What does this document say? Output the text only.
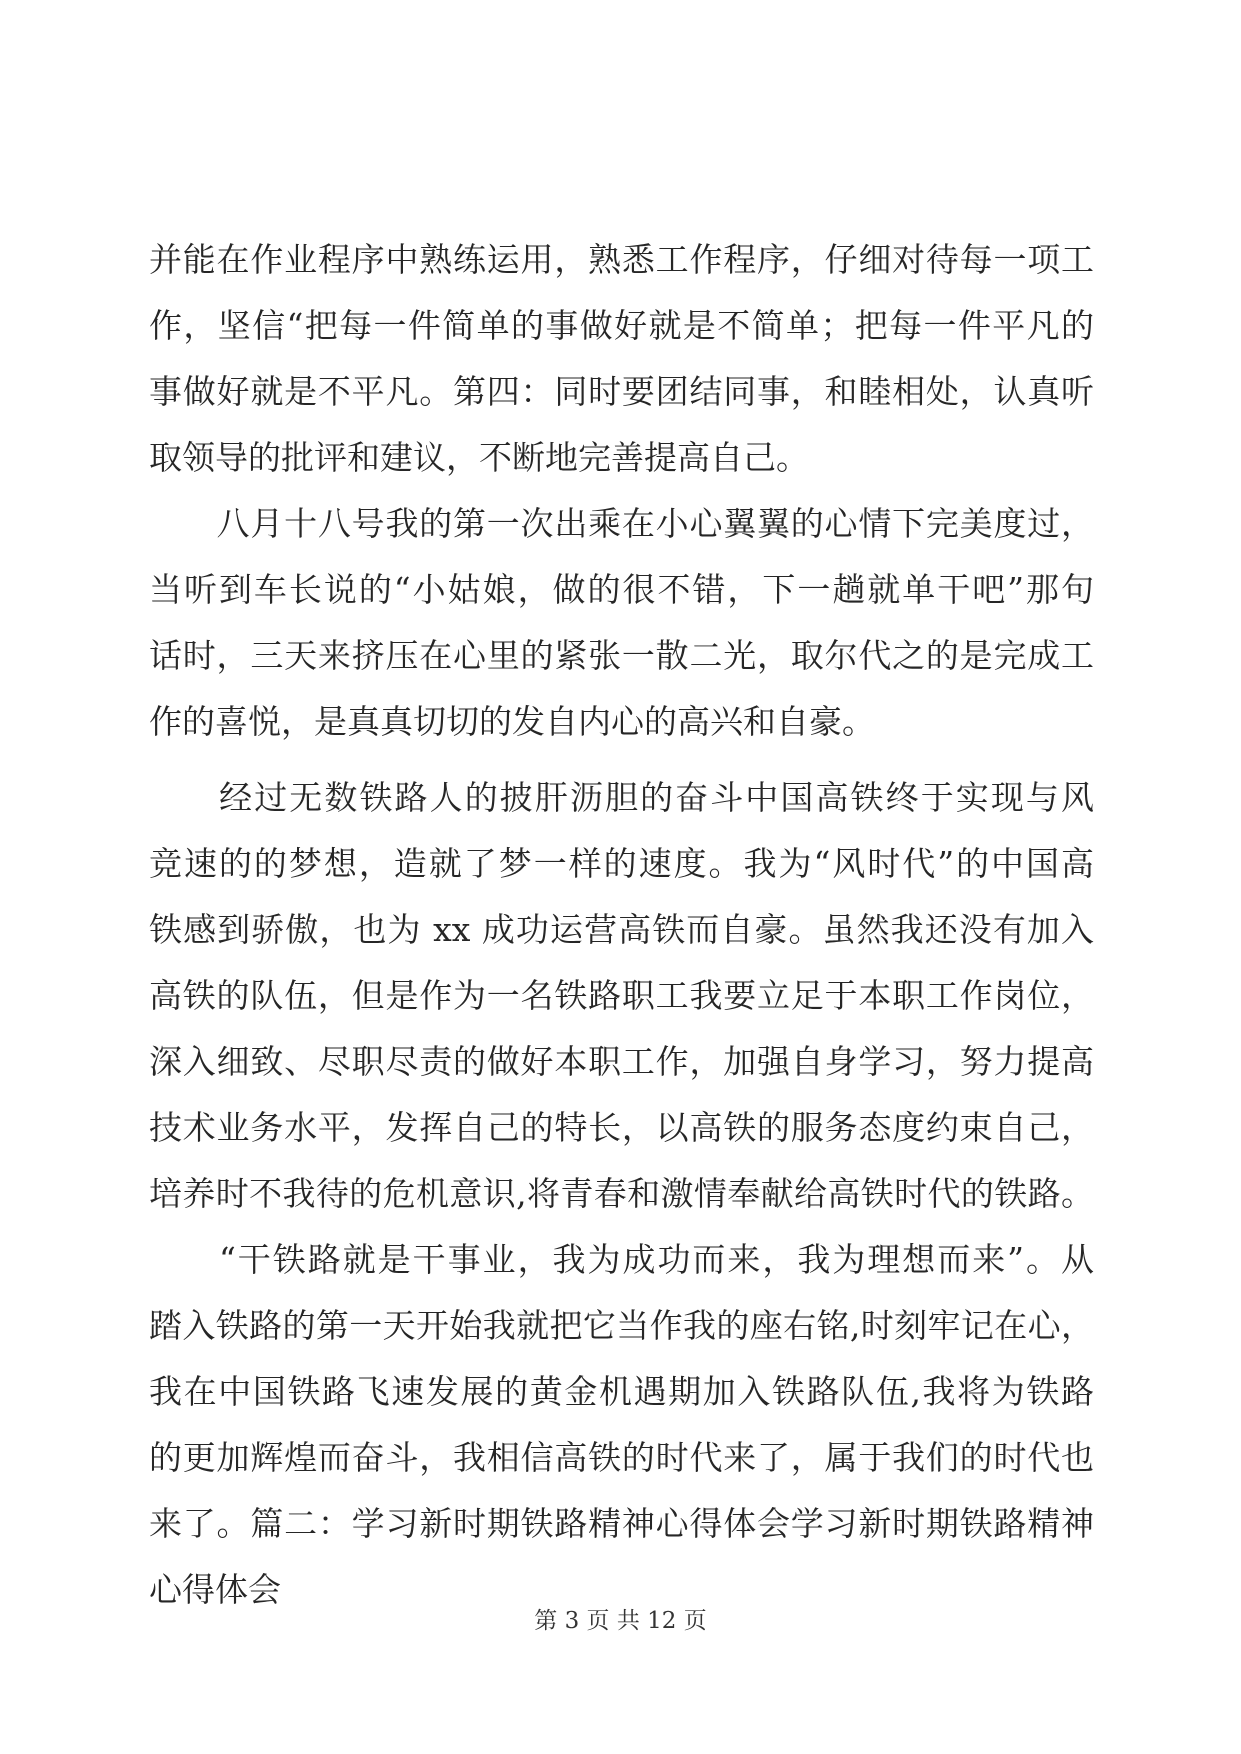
并能在作业程序中熟练运用，熟悉工作程序，仔细对待每一项工
作，坚信“把每一件简单的事做好就是不简单；把每一件平凡的
事做好就是不平凡。第四：同时要团结同事，和睦相处，认真听
取领导的批评和建议，不断地完善提高自己。
　　八月十八号我的第一次出乘在小心翼翼的心情下完美度过，
当听到车长说的“小姑娘，做的很不错，下一趟就单干吧”那句
话时，三天来挤压在心里的紧张一散二光，取尔代之的是完成工
作的喜悦，是真真切切的发自内心的高兴和自豪。
　　经过无数铁路人的披肝沥胆的奋斗中国高铁终于实现与风
竞速的的梦想，造就了梦一样的速度。我为“风时代”的中国高
铁感到骄傲，也为 xx 成功运营高铁而自豪。虽然我还没有加入
高铁的队伍，但是作为一名铁路职工我要立足于本职工作岗位，
深入细致、尽职尽责的做好本职工作，加强自身学习，努力提高
技术业务水平，发挥自己的特长，以高铁的服务态度约束自己，
培养时不我待的危机意识,将青春和激情奉献给高铁时代的铁路。
　　“干铁路就是干事业，我为成功而来，我为理想而来”。从
踏入铁路的第一天开始我就把它当作我的座右铭,时刻牢记在心，
我在中国铁路飞速发展的黄金机遇期加入铁路队伍,我将为铁路
的更加辉煌而奋斗，我相信高铁的时代来了，属于我们的时代也
来了。篇二：学习新时期铁路精神心得体会学习新时期铁路精神
心得体会
第 3 页 共 12 页
